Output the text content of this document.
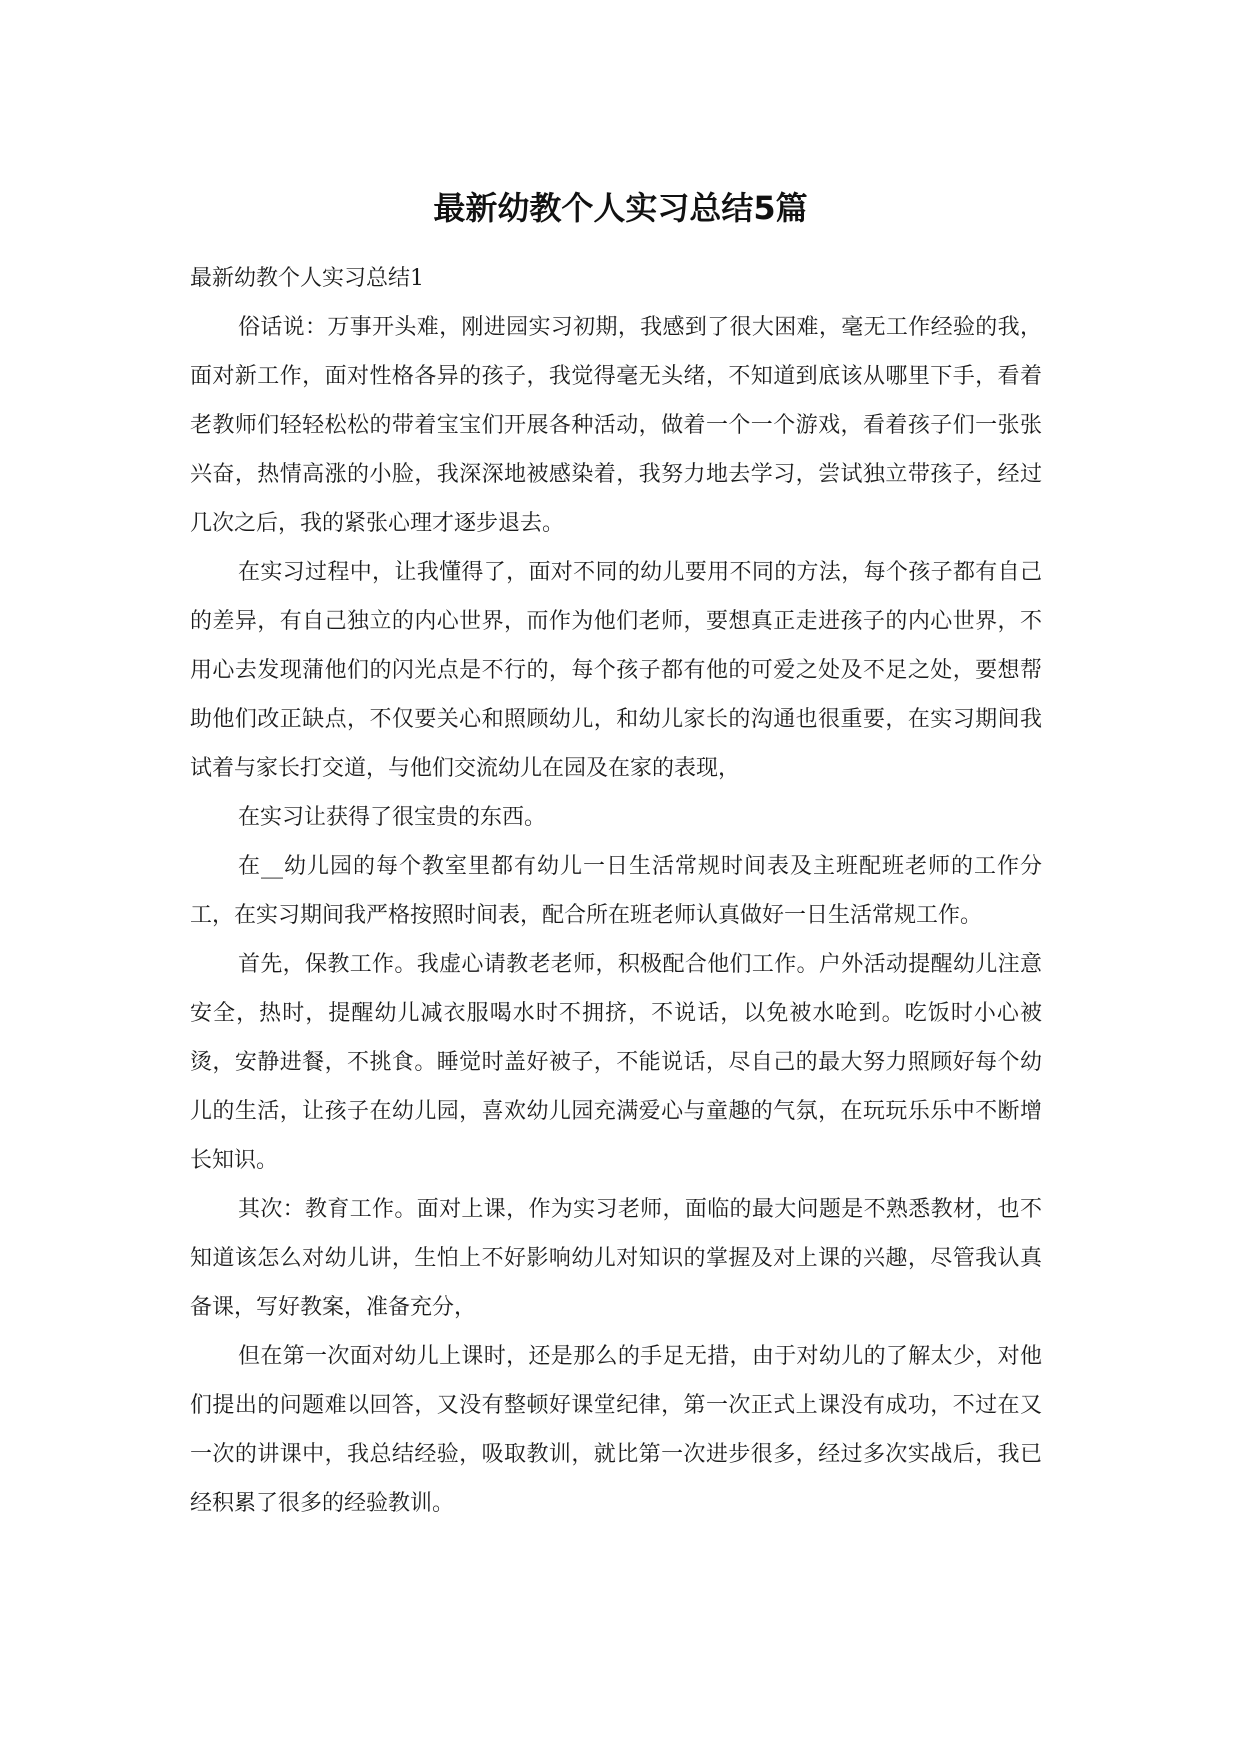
最新幼教个人实习总结5篇

最新幼教个人实习总结1

俗话说：万事开头难，刚进园实习初期，我感到了很大困难，毫无工作经验的我，面对新工作，面对性格各异的孩子，我觉得毫无头绪，不知道到底该从哪里下手，看着老教师们轻轻松松的带着宝宝们开展各种活动，做着一个一个游戏，看着孩子们一张张兴奋，热情高涨的小脸，我深深地被感染着，我努力地去学习，尝试独立带孩子，经过几次之后，我的紧张心理才逐步退去。

在实习过程中，让我懂得了，面对不同的幼儿要用不同的方法，每个孩子都有自己的差异，有自己独立的内心世界，而作为他们老师，要想真正走进孩子的内心世界，不用心去发现蒲他们的闪光点是不行的，每个孩子都有他的可爱之处及不足之处，要想帮助他们改正缺点，不仅要关心和照顾幼儿，和幼儿家长的沟通也很重要，在实习期间我试着与家长打交道，与他们交流幼儿在园及在家的表现，

在实习让获得了很宝贵的东西。

在__幼儿园的每个教室里都有幼儿一日生活常规时间表及主班配班老师的工作分工，在实习期间我严格按照时间表，配合所在班老师认真做好一日生活常规工作。

首先，保教工作。我虚心请教老老师，积极配合他们工作。户外活动提醒幼儿注意安全，热时，提醒幼儿减衣服喝水时不拥挤，不说话，以免被水呛到。吃饭时小心被烫，安静进餐，不挑食。睡觉时盖好被子，不能说话，尽自己的最大努力照顾好每个幼儿的生活，让孩子在幼儿园，喜欢幼儿园充满爱心与童趣的气氛，在玩玩乐乐中不断增长知识。

其次：教育工作。面对上课，作为实习老师，面临的最大问题是不熟悉教材，也不知道该怎么对幼儿讲，生怕上不好影响幼儿对知识的掌握及对上课的兴趣，尽管我认真备课，写好教案，准备充分，

但在第一次面对幼儿上课时，还是那么的手足无措，由于对幼儿的了解太少，对他们提出的问题难以回答，又没有整顿好课堂纪律，第一次正式上课没有成功，不过在又一次的讲课中，我总结经验，吸取教训，就比第一次进步很多，经过多次实战后，我已经积累了很多的经验教训。
